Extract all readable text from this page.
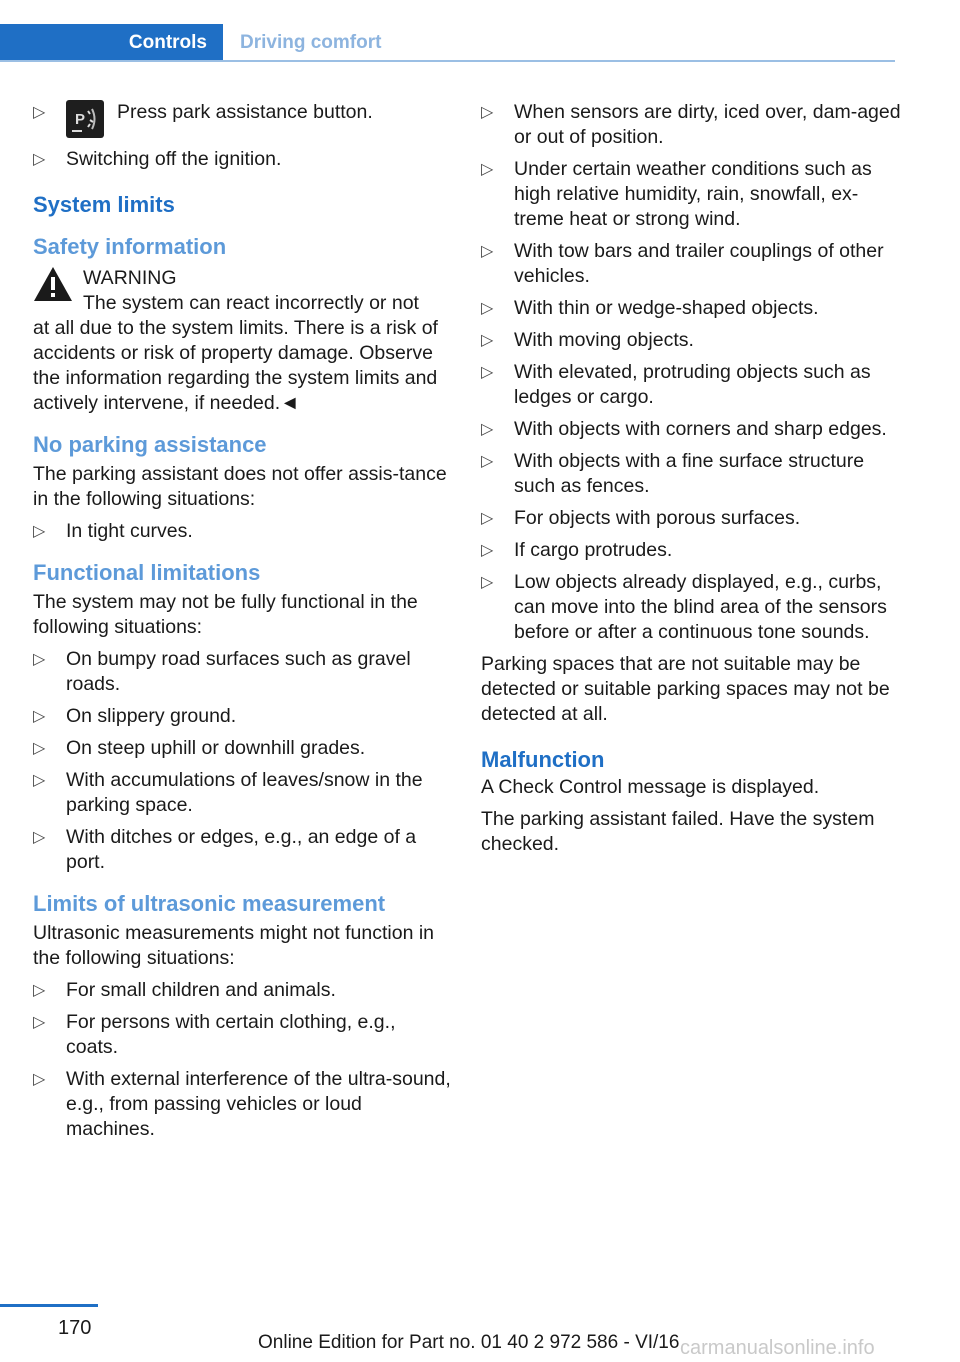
Controls	Driving comfort
▷ P Press park assistance button.
▷ Switching off the ignition.
System limits
Safety information
WARNING
The system can react incorrectly or not

at all due to the system limits. There is a risk of accidents or risk of property damage. Observe the information regarding the system limits and actively intervene, if needed.◄

No parking assistance

The parking assistant does not offer assis‐tance in the following situations:

▷ In tight curves.
Functional limitations

The system may not be fully functional in the following situations:

▷ On bumpy road surfaces such as gravel roads.
▷ On slippery ground.
▷ On steep uphill or downhill grades.
▷ With accumulations of leaves/snow in the parking space.
▷ With ditches or edges, e.g., an edge of a port.
Limits of ultrasonic measurement

Ultrasonic measurements might not function in the following situations:

▷ For small children and animals.
▷ For persons with certain clothing, e.g., coats.
▷ With external interference of the ultra‐sound, e.g., from passing vehicles or loud machines.
▷ When sensors are dirty, iced over, dam‐aged or out of position.
▷ Under certain weather conditions such as high relative humidity, rain, snowfall, ex‐treme heat or strong wind.
▷ With tow bars and trailer couplings of other vehicles.
▷ With thin or wedge-shaped objects.
▷ With moving objects.
▷ With elevated, protruding objects such as ledges or cargo.
▷ With objects with corners and sharp edges.
▷ With objects with a fine surface structure such as fences.
▷ For objects with porous surfaces.
▷ If cargo protrudes.
▷ Low objects already displayed, e.g., curbs, can move into the blind area of the sensors before or after a continuous tone sounds.

Parking spaces that are not suitable may be detected or suitable parking spaces may not be detected at all.

Malfunction

A Check Control message is displayed.

The parking assistant failed. Have the system checked.

170
Online Edition for Part no. 01 40 2 972 586 - VI/16 carmanualsonline.info
